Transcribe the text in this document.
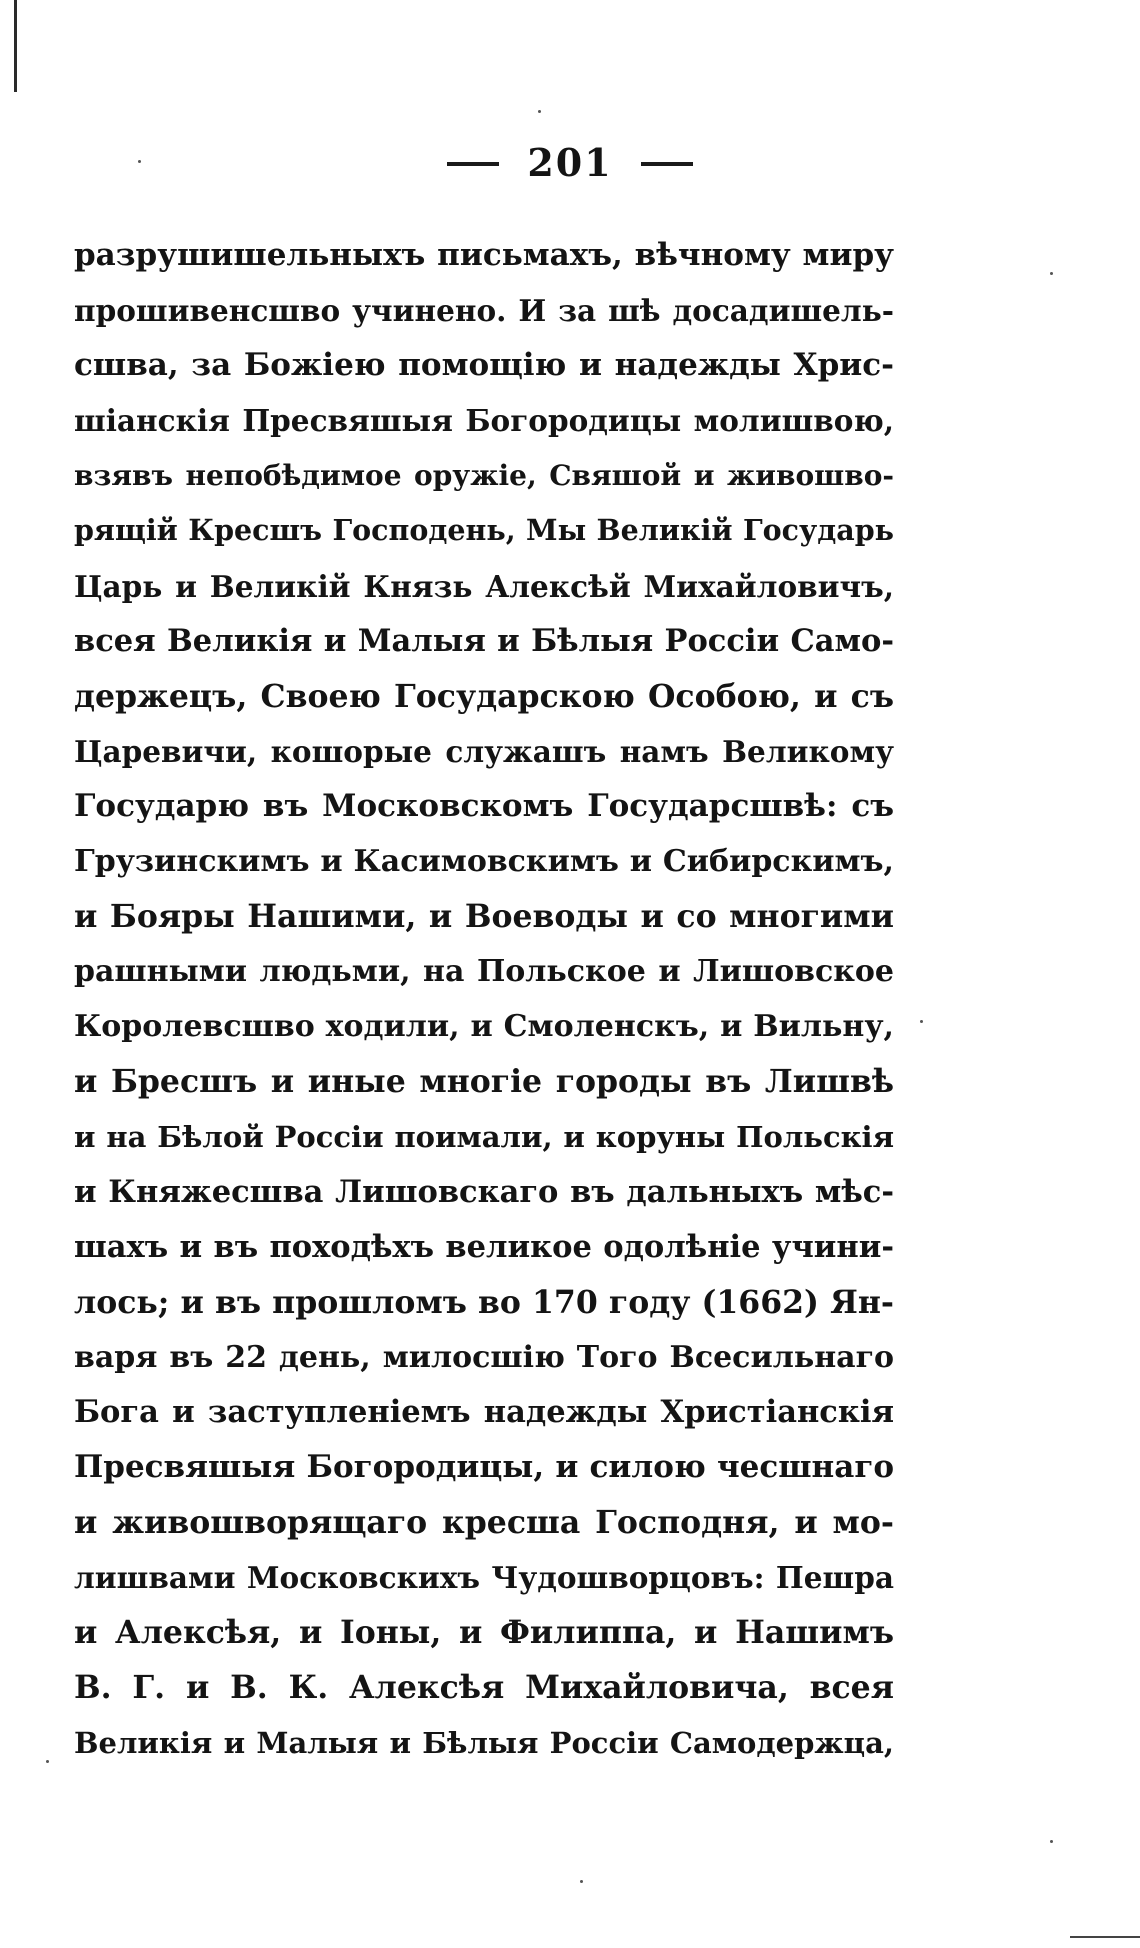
201
разрушишельныхъ письмахъ, вѣчному миру
прошивенсшво учинено. И за шѣ досадишель-
сшва, за Божіею помощію и надежды Хрис-
шіанскія Пресвяшыя Богородицы молишвою,
взявъ непобѣдимое оружіе, Свяшой и живошво-
рящій Кресшъ Господень, Мы Великій Государь
Царь и Великій Князь Алексѣй Михайловичъ,
всея Великія и Малыя и Бѣлыя Россіи Само-
держецъ, Своею Государскою Особою, и съ
Царевичи, кошорые служашъ намъ Великому
Государю въ Московскомъ Государсшвѣ: съ
Грузинскимъ и Касимовскимъ и Сибирскимъ,
и Бояры Нашими, и Воеводы и со многими
рашными людьми, на Польское и Лишовское
Королевсшво ходили, и Смоленскъ, и Вильну,
и Бресшъ и иные многіе городы въ Лишвѣ
и на Бѣлой Россіи поимали, и коруны Польскія
и Княжесшва Лишовскаго въ дальныхъ мѣс-
шахъ и въ походѣхъ великое одолѣніе учини-
лось; и въ прошломъ во 170 году (1662) Ян-
варя въ 22 день, милосшію Того Всесильнаго
Бога и заступленіемъ надежды Христіанскія
Пресвяшыя Богородицы, и силою чесшнаго
и живошворящаго кресша Господня, и мо-
лишвами Московскихъ Чудошворцовъ: Пешра
и Алексѣя, и Іоны, и Филиппа, и Нашимъ
В. Г. и В. К. Алексѣя Михайловича, всея
Великія и Малыя и Бѣлыя Россіи Самодержца,
